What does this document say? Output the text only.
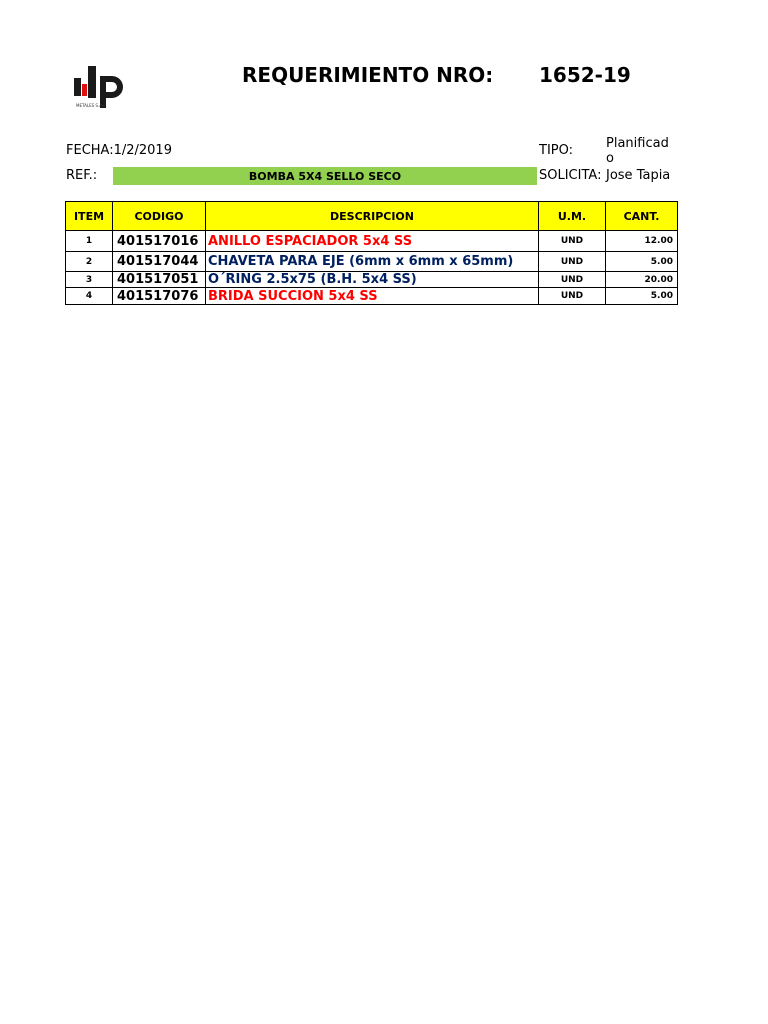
METALES S.A.C.
REQUERIMIENTO NRO: 1652-19
FECHA:1/2/2019	TIPO:	Planificado
REF.:	BOMBA 5X4 SELLO SECO	SOLICITA: Jose Tapia
ITEM	CODIGO	DESCRIPCION	U.M.	CANT.
1	401517016	ANILLO ESPACIADOR 5x4 SS	UND	12.00
2	401517044	CHAVETA PARA EJE (6mm x 6mm x 65mm)	UND	5.00
3	401517051	O´RING 2.5x75 (B.H. 5x4 SS)	UND	20.00
4	401517076	BRIDA SUCCION 5x4 SS	UND	5.00
